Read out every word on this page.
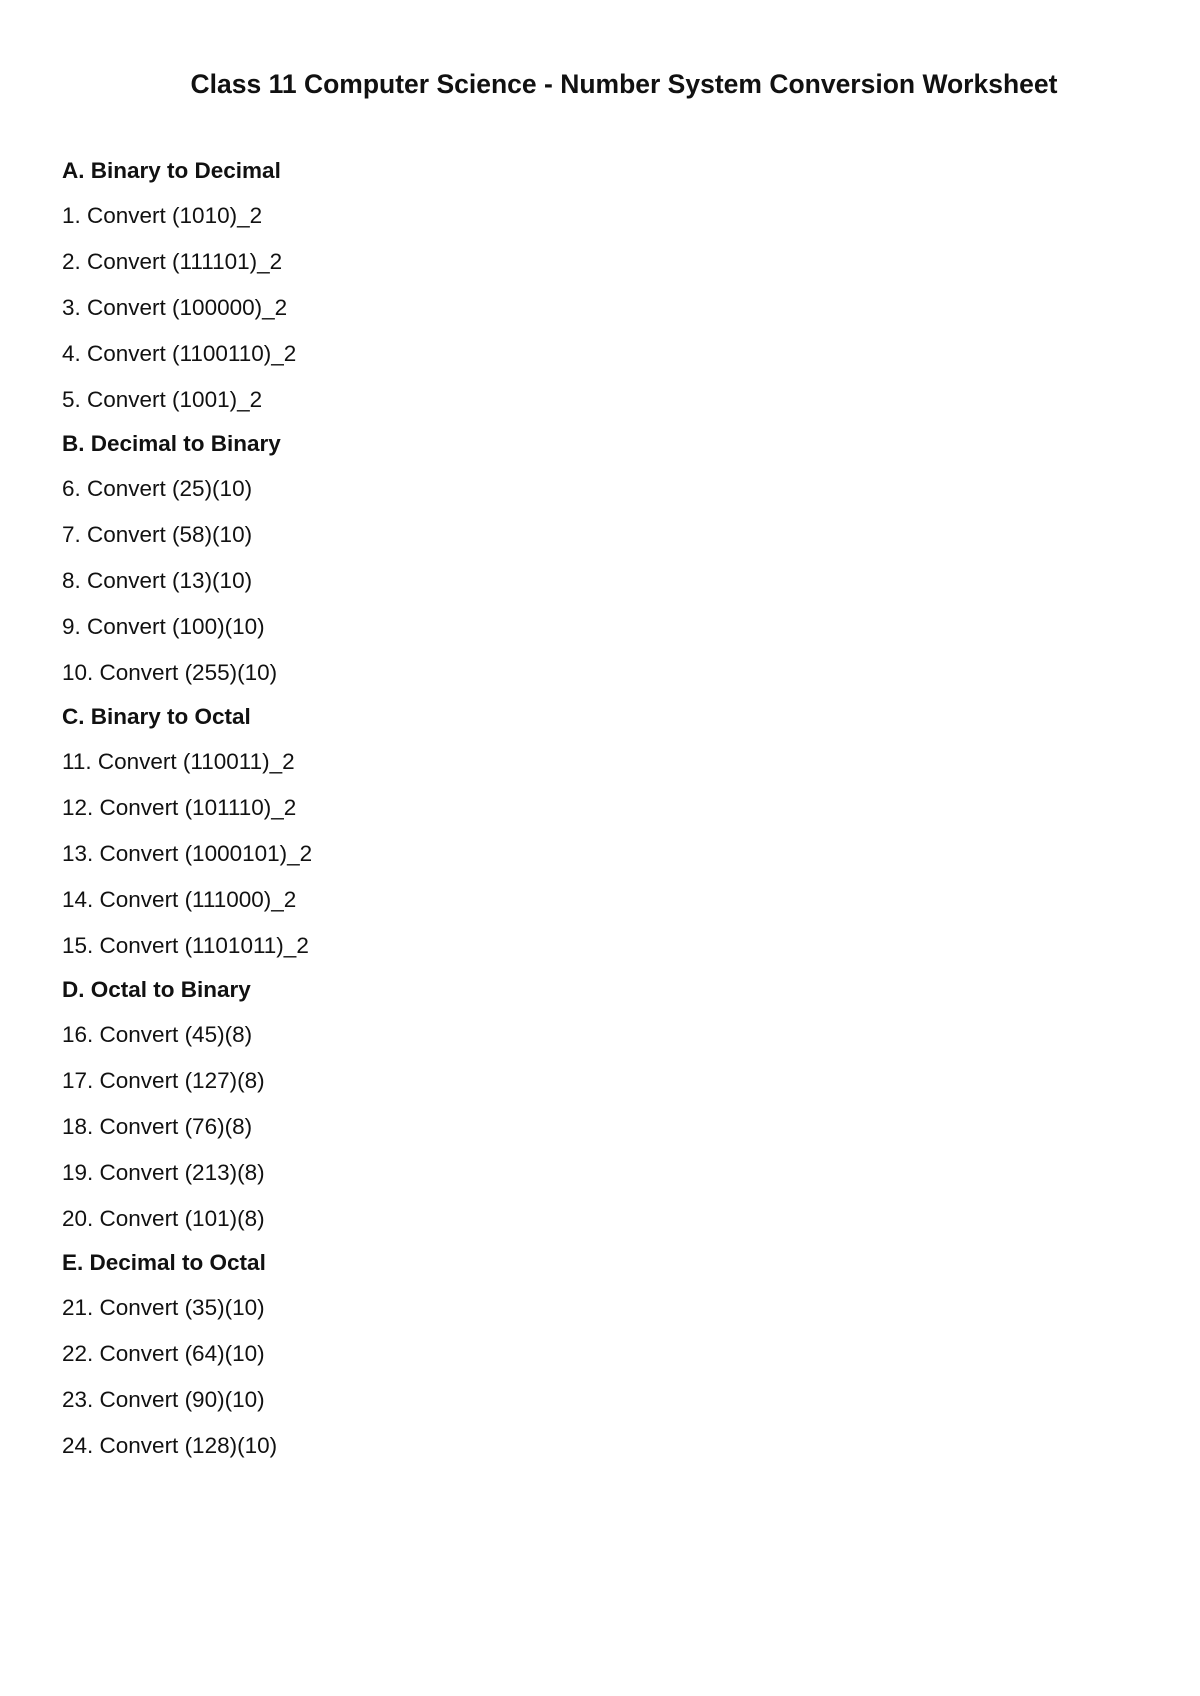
Class 11 Computer Science - Number System Conversion Worksheet
A. Binary to Decimal
1. Convert (1010)_2
2. Convert (111101)_2
3. Convert (100000)_2
4. Convert (1100110)_2
5. Convert (1001)_2
B. Decimal to Binary
6. Convert (25)(10)
7. Convert (58)(10)
8. Convert (13)(10)
9. Convert (100)(10)
10. Convert (255)(10)
C. Binary to Octal
11. Convert (110011)_2
12. Convert (101110)_2
13. Convert (1000101)_2
14. Convert (111000)_2
15. Convert (1101011)_2
D. Octal to Binary
16. Convert (45)(8)
17. Convert (127)(8)
18. Convert (76)(8)
19. Convert (213)(8)
20. Convert (101)(8)
E. Decimal to Octal
21. Convert (35)(10)
22. Convert (64)(10)
23. Convert (90)(10)
24. Convert (128)(10)
